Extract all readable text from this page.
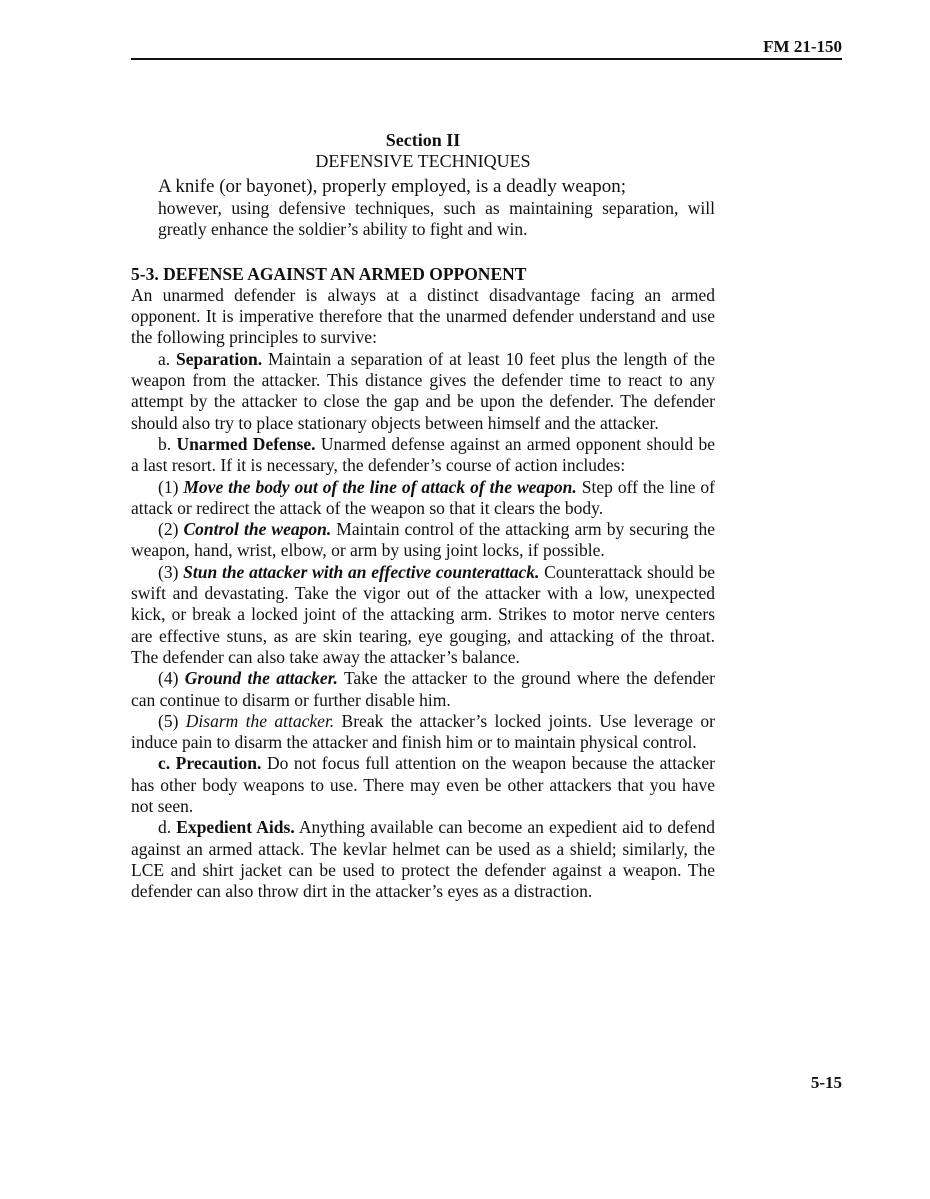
FM 21-150
Section II
DEFENSIVE TECHNIQUES

A knife (or bayonet), properly employed, is a deadly weapon;

however, using defensive techniques, such as maintaining separation, will greatly enhance the soldier’s ability to fight and win.

5-3. DEFENSE AGAINST AN ARMED OPPONENT

An unarmed defender is always at a distinct disadvantage facing an armed opponent. It is imperative therefore that the unarmed defender understand and use the following principles to survive:

a. Separation. Maintain a separation of at least 10 feet plus the length of the weapon from the attacker. This distance gives the defender time to react to any attempt by the attacker to close the gap and be upon the defender. The defender should also try to place stationary objects between himself and the attacker.

b. Unarmed Defense. Unarmed defense against an armed opponent should be a last resort. If it is necessary, the defender’s course of action includes:

(1) Move the body out of the line of attack of the weapon. Step off the line of attack or redirect the attack of the weapon so that it clears the body.

(2) Control the weapon. Maintain control of the attacking arm by securing the weapon, hand, wrist, elbow, or arm by using joint locks, if possible.

(3) Stun the attacker with an effective counterattack. Counterattack should be swift and devastating. Take the vigor out of the attacker with a low, unexpected kick, or break a locked joint of the attacking arm. Strikes to motor nerve centers are effective stuns, as are skin tearing, eye gouging, and attacking of the throat. The defender can also take away the attacker’s balance.

(4) Ground the attacker. Take the attacker to the ground where the defender can continue to disarm or further disable him.

(5) Disarm the attacker. Break the attacker’s locked joints. Use leverage or induce pain to disarm the attacker and finish him or to maintain physical control.

c. Precaution. Do not focus full attention on the weapon because the attacker has other body weapons to use. There may even be other attackers that you have not seen.

d. Expedient Aids. Anything available can become an expedient aid to defend against an armed attack. The kevlar helmet can be used as a shield; similarly, the LCE and shirt jacket can be used to protect the defender against a weapon. The defender can also throw dirt in the attacker’s eyes as a distraction.

5-15
